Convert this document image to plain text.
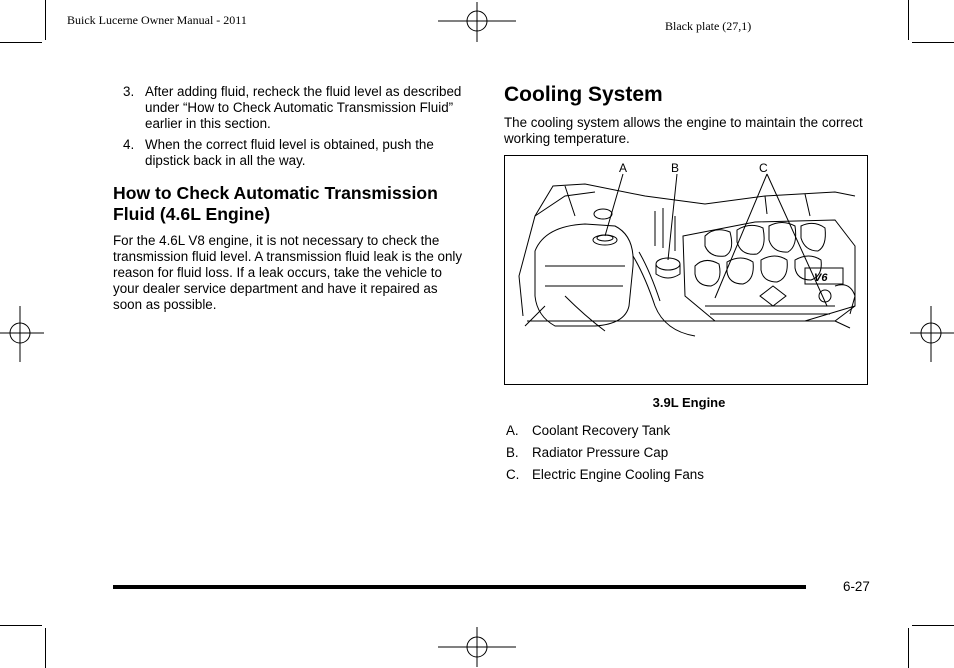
Buick Lucerne Owner Manual - 2011	Black plate (27,1)
3. After adding fluid, recheck the fluid level as described under “How to Check Automatic Transmission Fluid” earlier in this section.
4. When the correct fluid level is obtained, push the dipstick back in all the way.
How to Check Automatic Transmission Fluid (4.6L Engine)

For the 4.6L V8 engine, it is not necessary to check the transmission fluid level. A transmission fluid leak is the only reason for fluid loss. If a leak occurs, take the vehicle to your dealer service department and have it repaired as soon as possible.

Cooling System

The cooling system allows the engine to maintain the correct working temperature.

A	B	C
V6
3.9L Engine
A. Coolant Recovery Tank
B. Radiator Pressure Cap
C. Electric Engine Cooling Fans
6-27
